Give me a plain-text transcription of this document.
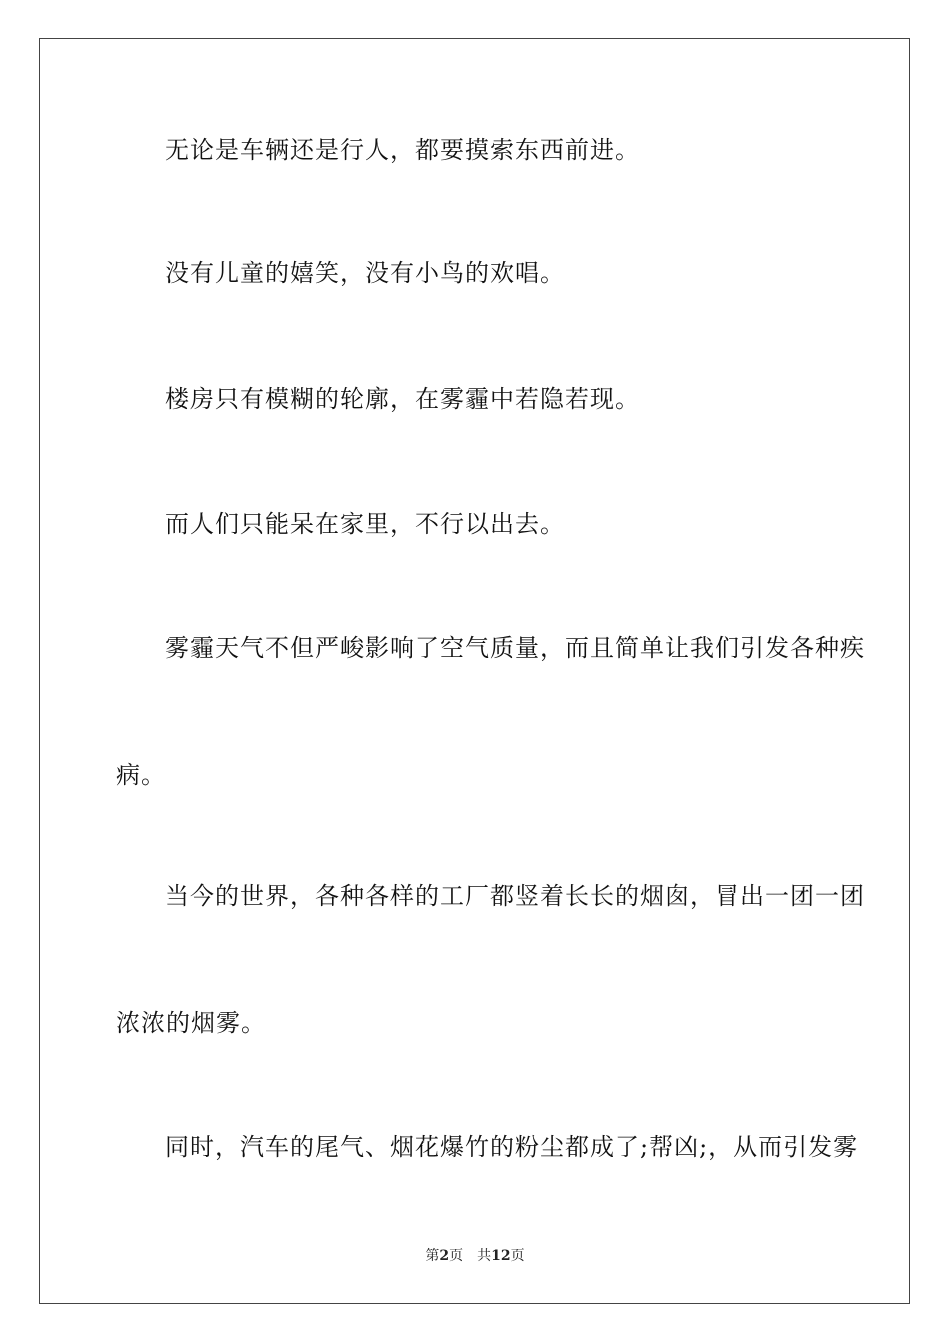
无论是车辆还是行人，都要摸索东西前进。
没有儿童的嬉笑，没有小鸟的欢唱。
楼房只有模糊的轮廓，在雾霾中若隐若现。
而人们只能呆在家里，不行以出去。
雾霾天气不但严峻影响了空气质量，而且简单让我们引发各种疾
病。
当今的世界，各种各样的工厂都竖着长长的烟囱，冒出一团一团
浓浓的烟雾。
同时，汽车的尾气、烟花爆竹的粉尘都成了;帮凶;，从而引发雾
第2页 共12页
